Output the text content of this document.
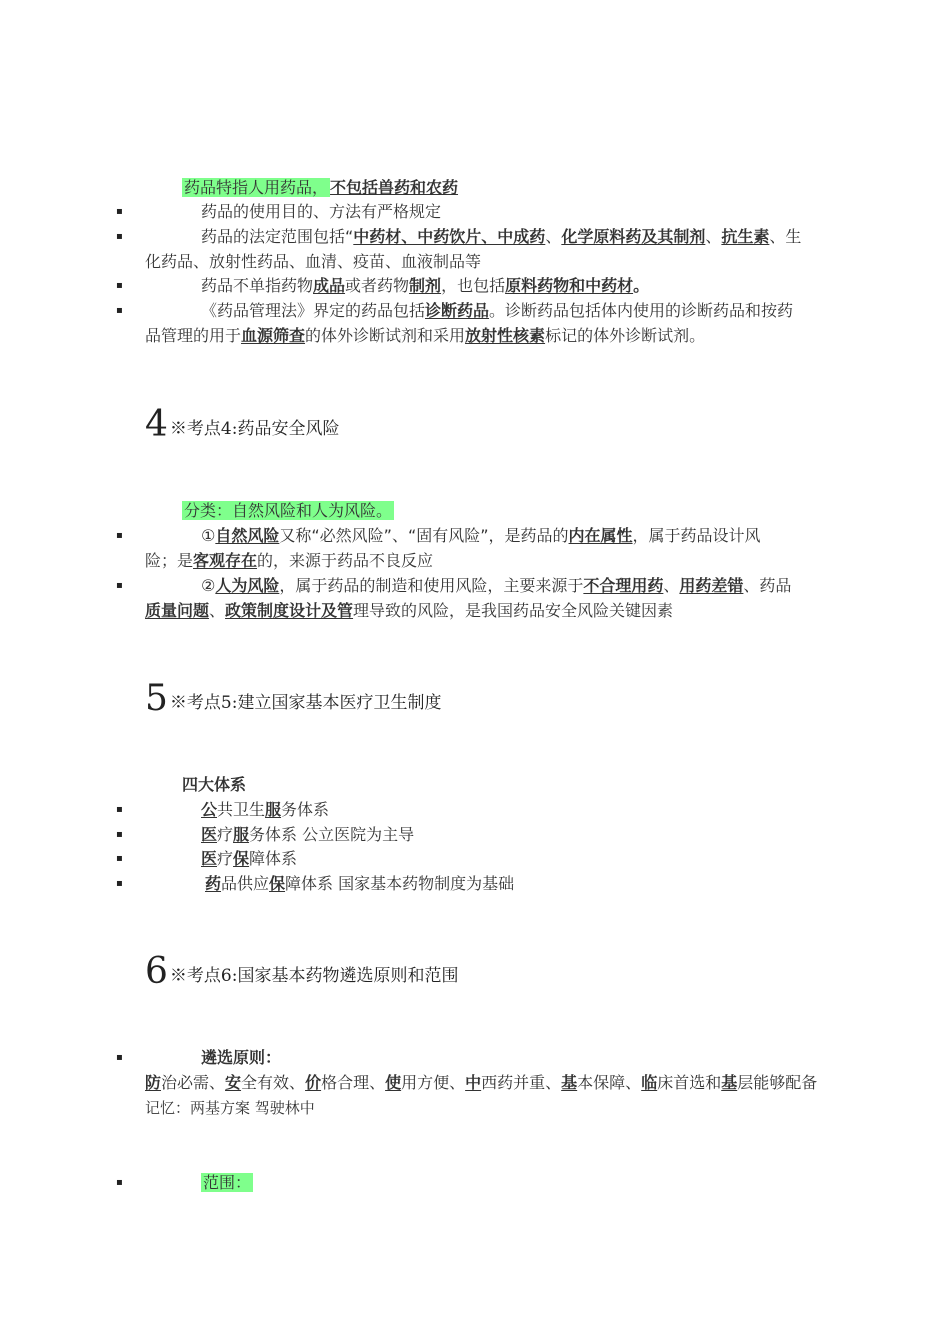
药品特指人用药品， 不包括兽药和农药
▪	药品的使用目的、方法有严格规定
▪	药品的法定范围包括“中药材、中药饮片、中成药、化学原料药及其制剂、抗生素、生
化药品、放射性药品、血清、疫苗、血液制品等
▪	药品不单指药物成品或者药物制剂，也包括原料药物和中药材。
▪	《药品管理法》界定的药品包括诊断药品。诊断药品包括体内使用的诊断药品和按药
品管理的用于血源筛查的体外诊断试剂和采用放射性核素标记的体外诊断试剂。
4 ※考点4:药品安全风险
分类：自然风险和人为风险。
▪	①自然风险又称“必然风险”、“固有风险”，是药品的内在属性，属于药品设计风
险；是客观存在的，来源于药品不良反应
▪	②人为风险，属于药品的制造和使用风险，主要来源于不合理用药、用药差错、药品
质量问题、政策制度设计及管理导致的风险，是我国药品安全风险关键因素
5 ※考点5:建立国家基本医疗卫生制度
四大体系
▪	公共卫生服务体系
▪	医疗服务体系 公立医院为主导
▪	医疗保障体系
▪	药品供应保障体系 国家基本药物制度为基础
6 ※考点6:国家基本药物遴选原则和范围
▪	遴选原则：
防治必需、安全有效、价格合理、使用方便、中西药并重、基本保障、临床首选和基层能够配备
记忆：两基方案 驾驶林中
▪	范围：
